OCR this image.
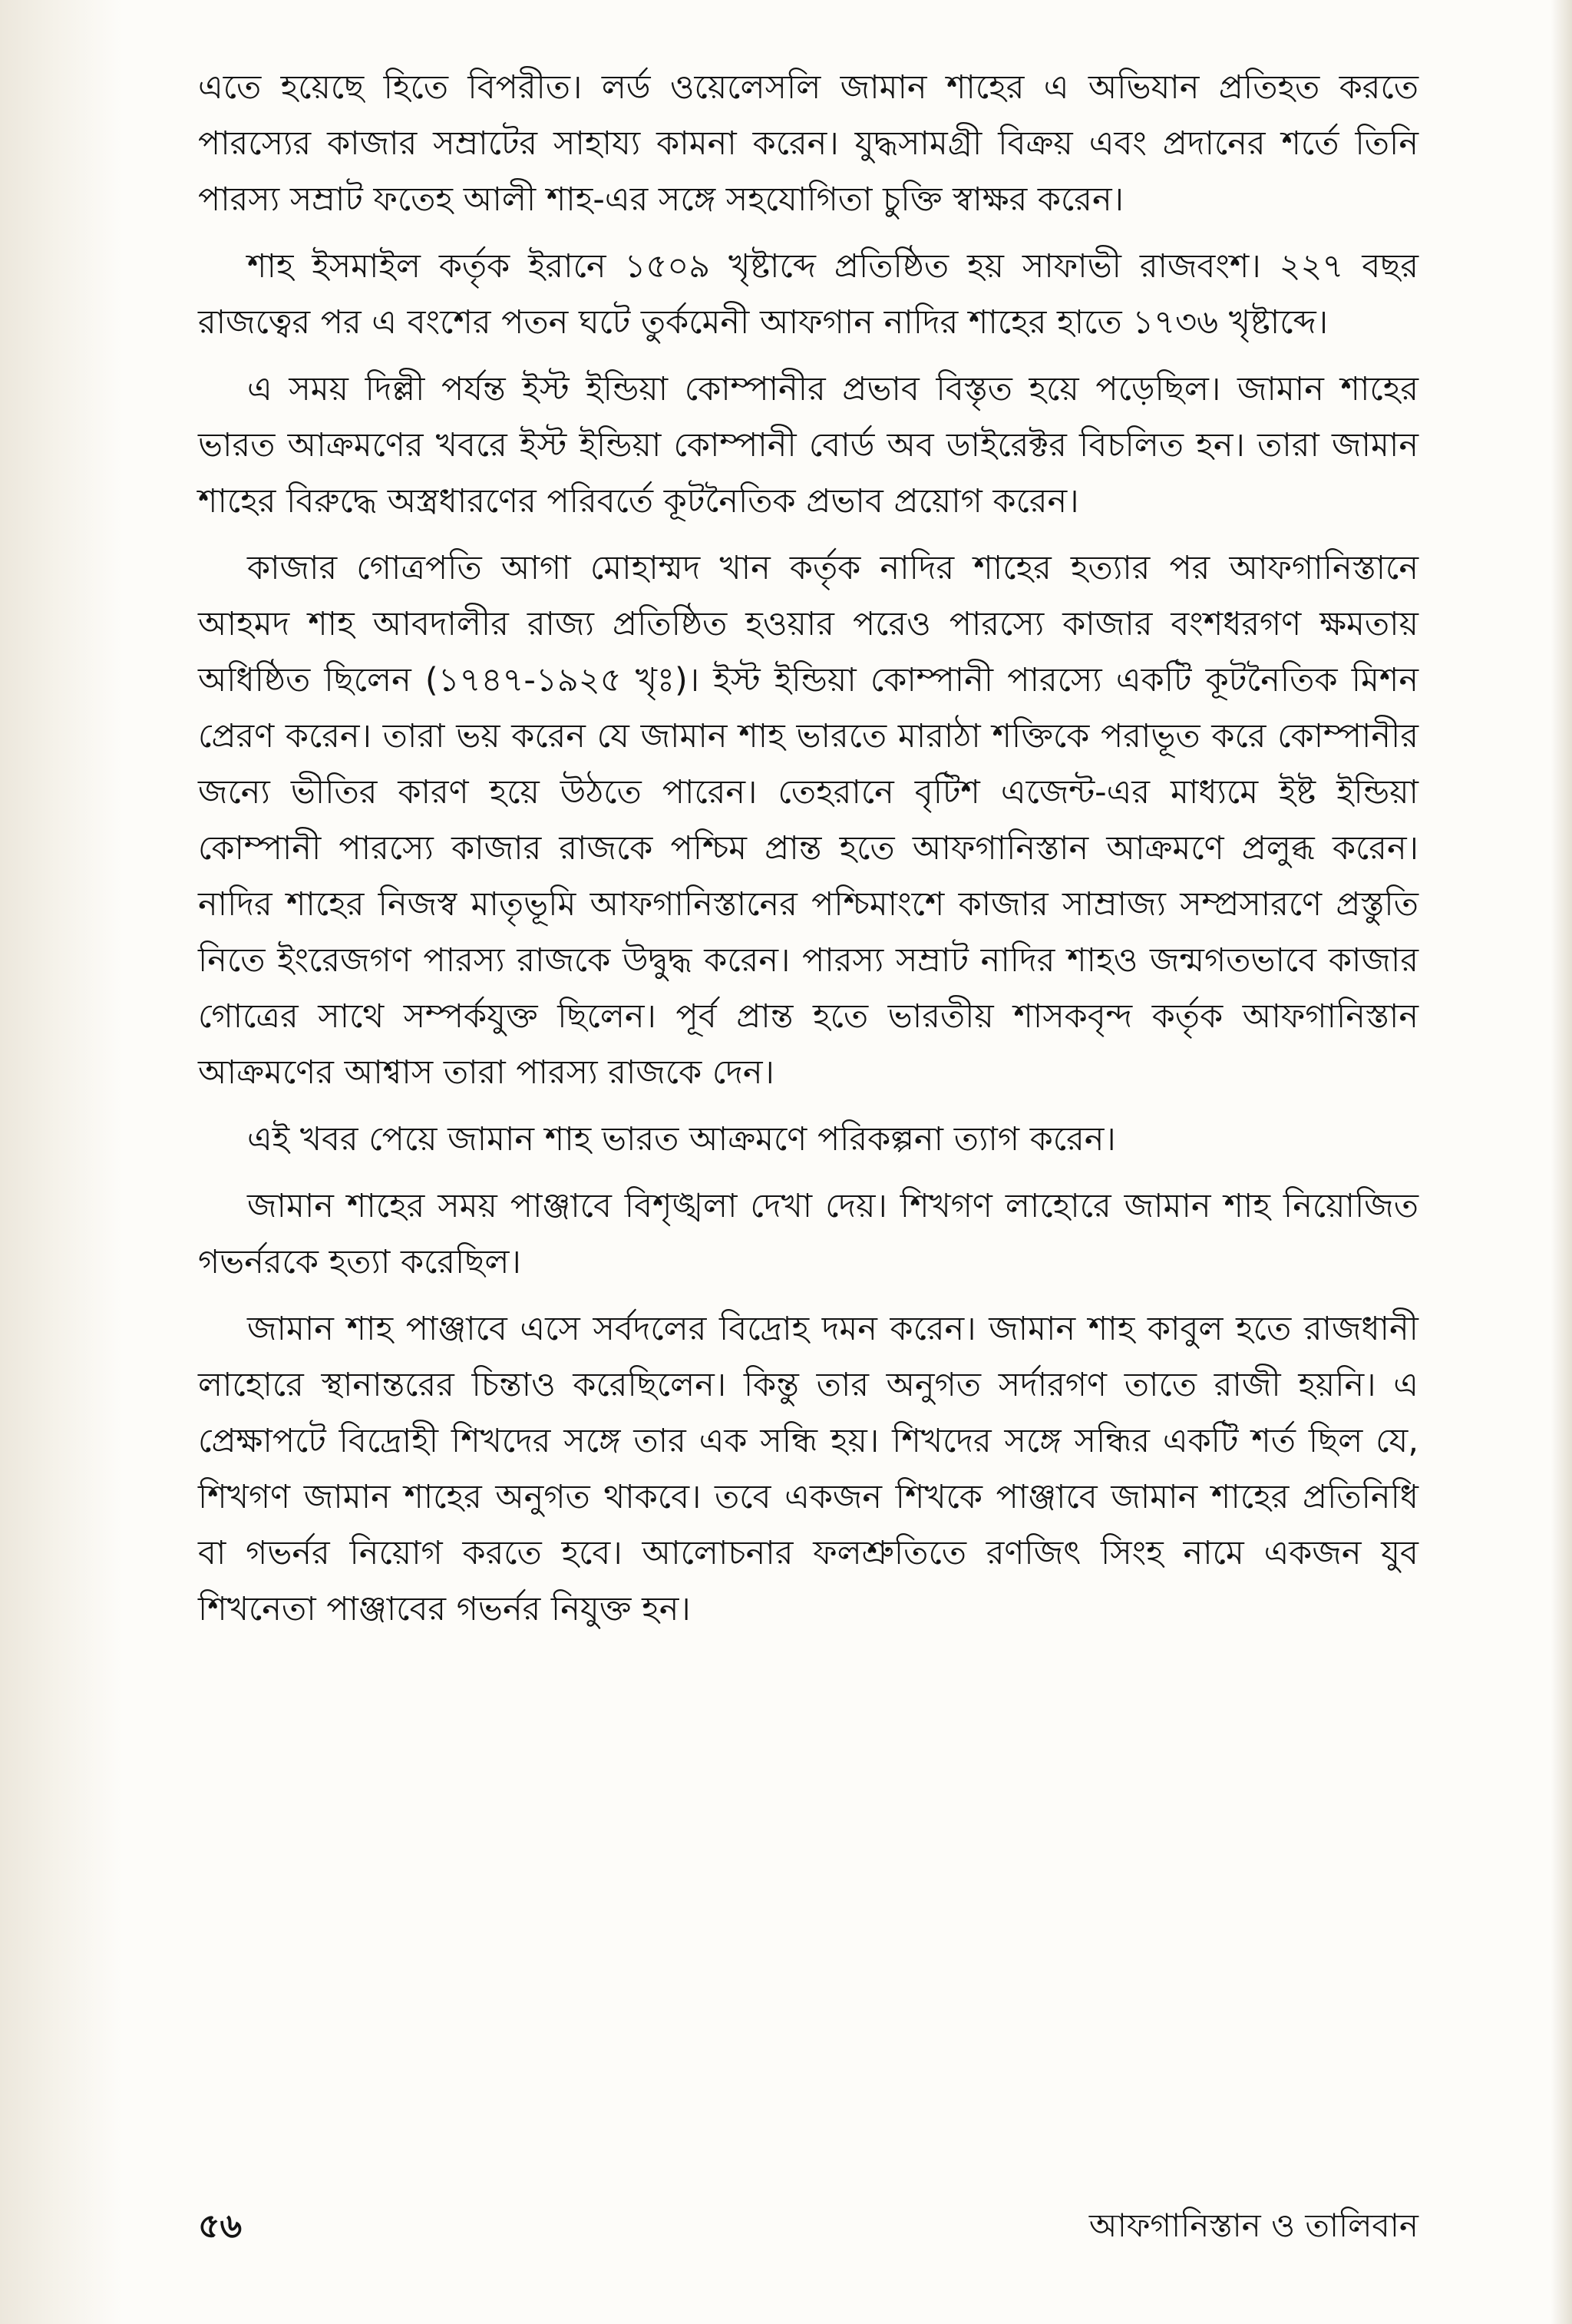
এতে হয়েছে হিতে বিপরীত। লর্ড ওয়েলেসলি জামান শাহের এ অভিযান প্রতিহত করতে পারস্যের কাজার সম্রাটের সাহায্য কামনা করেন। যুদ্ধসামগ্রী বিক্রয় এবং প্রদানের শর্তে তিনি পারস্য সম্রাট ফতেহ আলী শাহ-এর সঙ্গে সহযোগিতা চুক্তি স্বাক্ষর করেন।

শাহ ইসমাইল কর্তৃক ইরানে ১৫০৯ খৃষ্টাব্দে প্রতিষ্ঠিত হয় সাফাভী রাজবংশ। ২২৭ বছর রাজত্বের পর এ বংশের পতন ঘটে তুর্কমেনী আফগান নাদির শাহের হাতে ১৭৩৬ খৃষ্টাব্দে।

এ সময় দিল্লী পর্যন্ত ইস্ট ইন্ডিয়া কোম্পানীর প্রভাব বিস্তৃত হয়ে পড়েছিল। জামান শাহের ভারত আক্রমণের খবরে ইস্ট ইন্ডিয়া কোম্পানী বোর্ড অব ডাইরেক্টর বিচলিত হন। তারা জামান শাহের বিরুদ্ধে অস্ত্রধারণের পরিবর্তে কূটনৈতিক প্রভাব প্রয়োগ করেন।

কাজার গোত্রপতি আগা মোহাম্মদ খান কর্তৃক নাদির শাহের হত্যার পর আফগানিস্তানে আহমদ শাহ আবদালীর রাজ্য প্রতিষ্ঠিত হওয়ার পরেও পারস্যে কাজার বংশধরগণ ক্ষমতায় অধিষ্ঠিত ছিলেন (১৭৪৭-১৯২৫ খৃঃ)। ইস্ট ইন্ডিয়া কোম্পানী পারস্যে একটি কূটনৈতিক মিশন প্রেরণ করেন। তারা ভয় করেন যে জামান শাহ ভারতে মারাঠা শক্তিকে পরাভূত করে কোম্পানীর জন্যে ভীতির কারণ হয়ে উঠতে পারেন। তেহরানে বৃটিশ এজেন্ট-এর মাধ্যমে ইষ্ট ইন্ডিয়া কোম্পানী পারস্যে কাজার রাজকে পশ্চিম প্রান্ত হতে আফগানিস্তান আক্রমণে প্রলুব্ধ করেন। নাদির শাহের নিজস্ব মাতৃভূমি আফগানিস্তানের পশ্চিমাংশে কাজার সাম্রাজ্য সম্প্রসারণে প্রস্তুতি নিতে ইংরেজগণ পারস্য রাজকে উদ্বুদ্ধ করেন। পারস্য সম্রাট নাদির শাহও জন্মগতভাবে কাজার গোত্রের সাথে সম্পর্কযুক্ত ছিলেন। পূর্ব প্রান্ত হতে ভারতীয় শাসকবৃন্দ কর্তৃক আফগানিস্তান আক্রমণের আশ্বাস তারা পারস্য রাজকে দেন।

এই খবর পেয়ে জামান শাহ ভারত আক্রমণে পরিকল্পনা ত্যাগ করেন।

জামান শাহের সময় পাঞ্জাবে বিশৃঙ্খলা দেখা দেয়। শিখগণ লাহোরে জামান শাহ নিয়োজিত গভর্নরকে হত্যা করেছিল।

জামান শাহ পাঞ্জাবে এসে সর্বদলের বিদ্রোহ দমন করেন। জামান শাহ কাবুল হতে রাজধানী লাহোরে স্থানান্তরের চিন্তাও করেছিলেন। কিন্তু তার অনুগত সর্দারগণ তাতে রাজী হয়নি। এ প্রেক্ষাপটে বিদ্রোহী শিখদের সঙ্গে তার এক সন্ধি হয়। শিখদের সঙ্গে সন্ধির একটি শর্ত ছিল যে, শিখগণ জামান শাহের অনুগত থাকবে। তবে একজন শিখকে পাঞ্জাবে জামান শাহের প্রতিনিধি বা গভর্নর নিয়োগ করতে হবে। আলোচনার ফলশ্রুতিতে রণজিৎ সিংহ নামে একজন যুব শিখনেতা পাঞ্জাবের গভর্নর নিযুক্ত হন।

৫৬	আফগানিস্তান ও তালিবান
